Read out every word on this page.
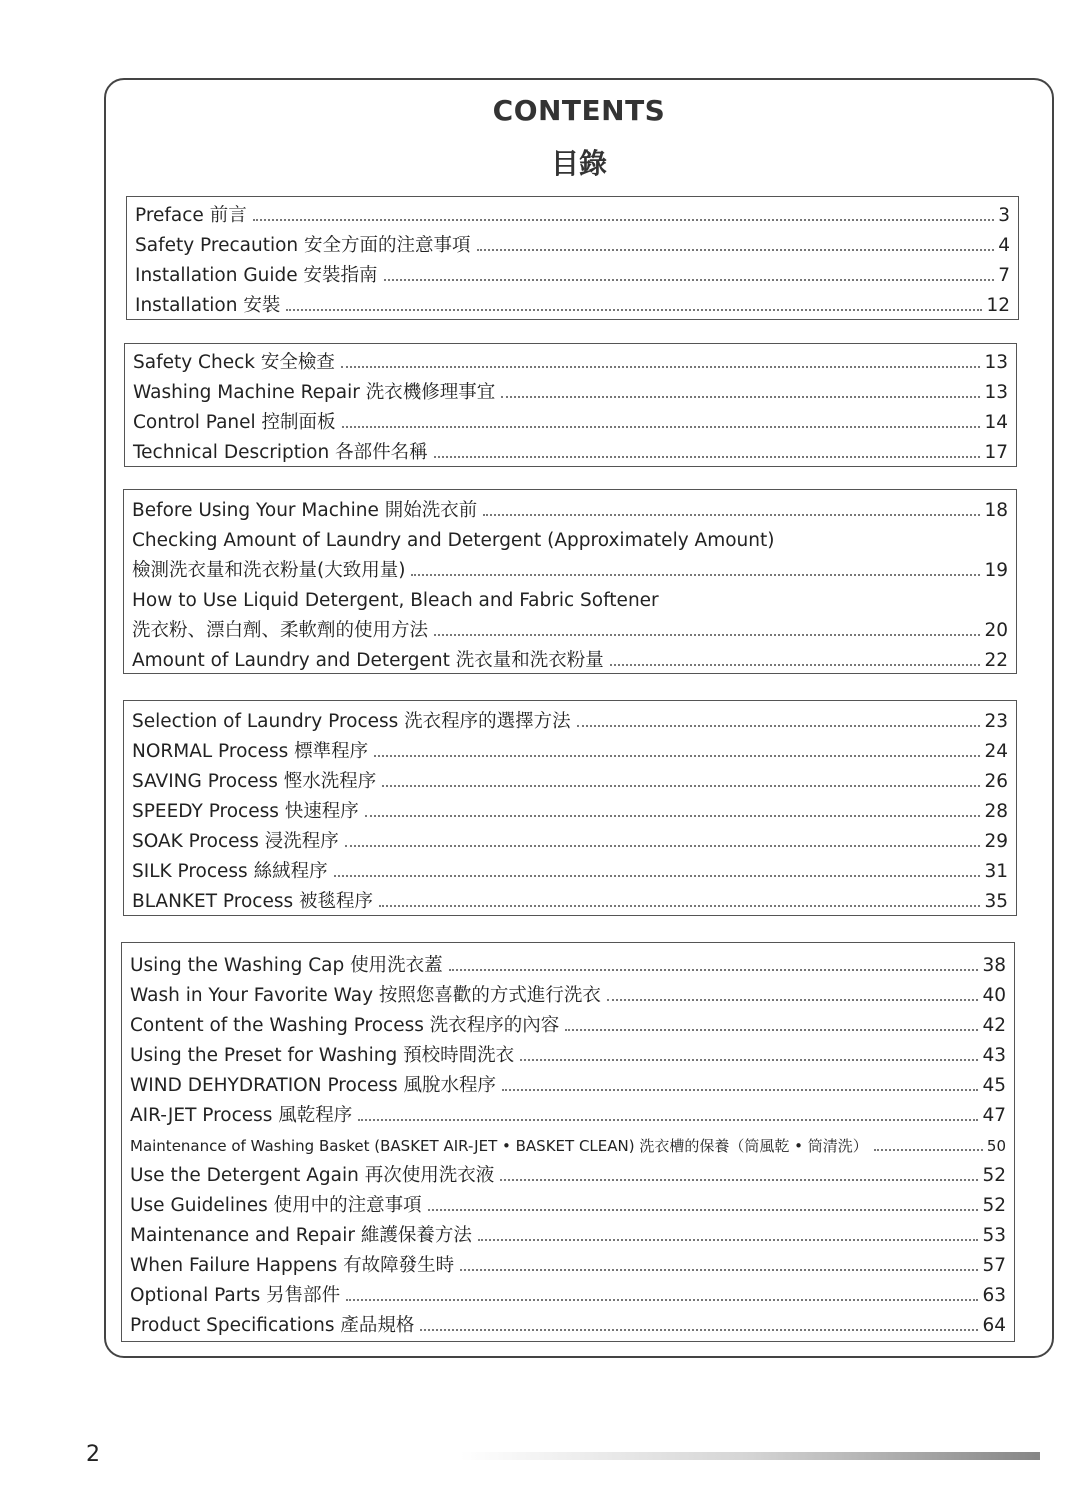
CONTENTS
目錄
Preface 前言	3
Safety Precaution 安全方面的注意事項	4
Installation Guide 安裝指南	7
Installation 安裝	12
Safety Check 安全檢查	13
Washing Machine Repair 洗衣機修理事宜	13
Control Panel 控制面板	14
Technical Description 各部件名稱	17
Before Using Your Machine 開始洗衣前	18
Checking Amount of Laundry and Detergent (Approximately Amount)
檢測洗衣量和洗衣粉量(大致用量)	19
How to Use Liquid Detergent, Bleach and Fabric Softener
洗衣粉、漂白劑、柔軟劑的使用方法	20
Amount of Laundry and Detergent 洗衣量和洗衣粉量	22
Selection of Laundry Process 洗衣程序的選擇方法	23
NORMAL Process 標準程序	24
SAVING Process 慳水洗程序	26
SPEEDY Process 快速程序	28
SOAK Process 浸洗程序	29
SILK Process 絲絨程序	31
BLANKET Process 被毯程序	35
Using the Washing Cap 使用洗衣蓋	38
Wash in Your Favorite Way 按照您喜歡的方式進行洗衣	40
Content of the Washing Process 洗衣程序的內容	42
Using the Preset for Washing 預校時間洗衣	43
WIND DEHYDRATION Process 風脫水程序	45
AIR-JET Process 風乾程序	47
Maintenance of Washing Basket (BASKET AIR-JET • BASKET CLEAN) 洗衣槽的保養（筒風乾 • 筒清洗）	50
Use the Detergent Again 再次使用洗衣液	52
Use Guidelines 使用中的注意事項	52
Maintenance and Repair 維護保養方法	53
When Failure Happens 有故障發生時	57
Optional Parts 另售部件	63
Product Specifications 產品規格	64
2
